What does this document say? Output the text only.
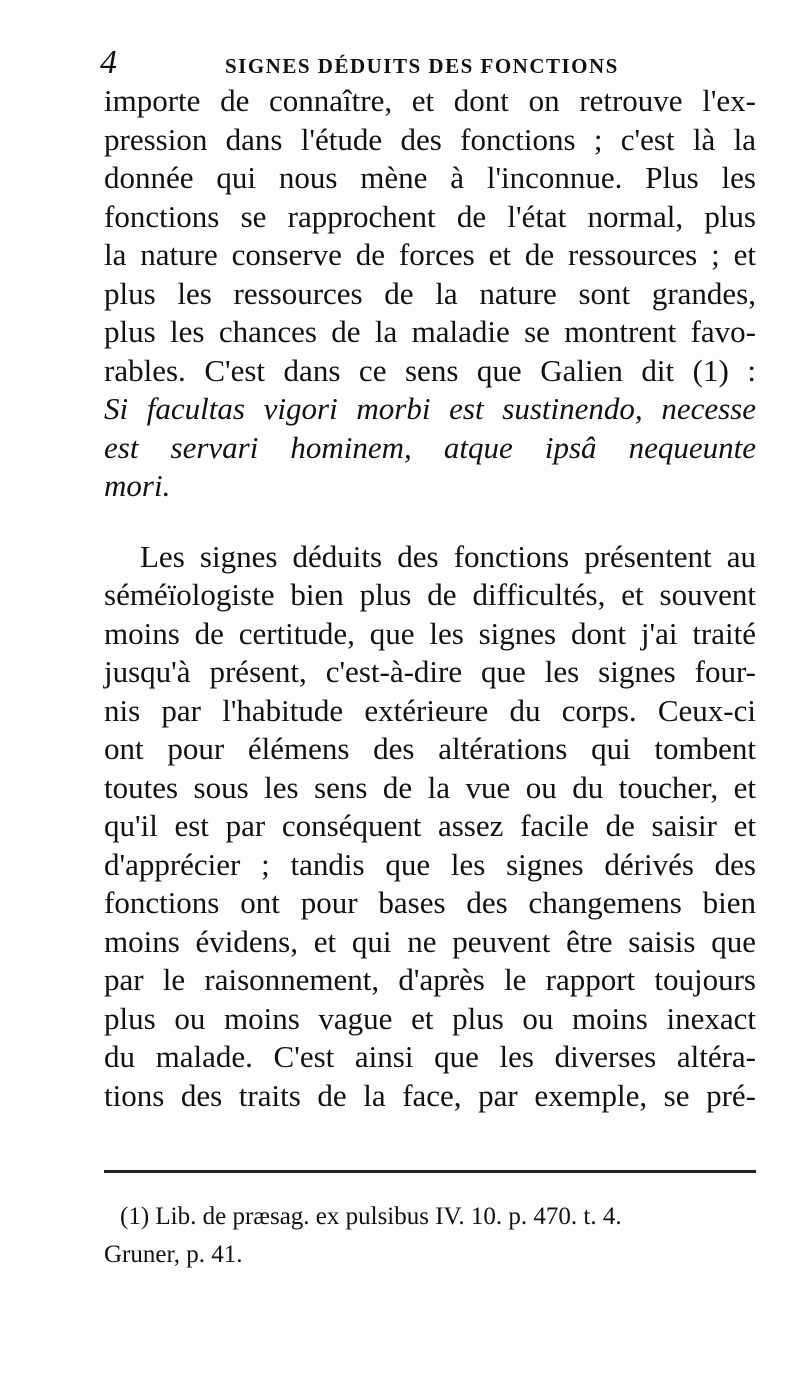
4	SIGNES DÉDUITS DES FONCTIONS
importe de connaître, et dont on retrouve l'ex-
pression dans l'étude des fonctions ; c'est là la
donnée qui nous mène à l'inconnue. Plus les
fonctions se rapprochent de l'état normal, plus
la nature conserve de forces et de ressources ; et
plus les ressources de la nature sont grandes,
plus les chances de la maladie se montrent favo-
rables. C'est dans ce sens que Galien dit (1) :
Si facultas vigori morbi est sustinendo, necesse
est servari hominem, atque ipsâ nequeunte
mori.
Les signes déduits des fonctions présentent au
séméïologiste bien plus de difficultés, et souvent
moins de certitude, que les signes dont j'ai traité
jusqu'à présent, c'est-à-dire que les signes four-
nis par l'habitude extérieure du corps. Ceux-ci
ont pour élémens des altérations qui tombent
toutes sous les sens de la vue ou du toucher, et
qu'il est par conséquent assez facile de saisir et
d'apprécier ; tandis que les signes dérivés des
fonctions ont pour bases des changemens bien
moins évidens, et qui ne peuvent être saisis que
par le raisonnement, d'après le rapport toujours
plus ou moins vague et plus ou moins inexact
du malade. C'est ainsi que les diverses altéra-
tions des traits de la face, par exemple, se pré-
(1) Lib. de præsag. ex pulsibus IV. 10. p. 470. t. 4.
Gruner, p. 41.
